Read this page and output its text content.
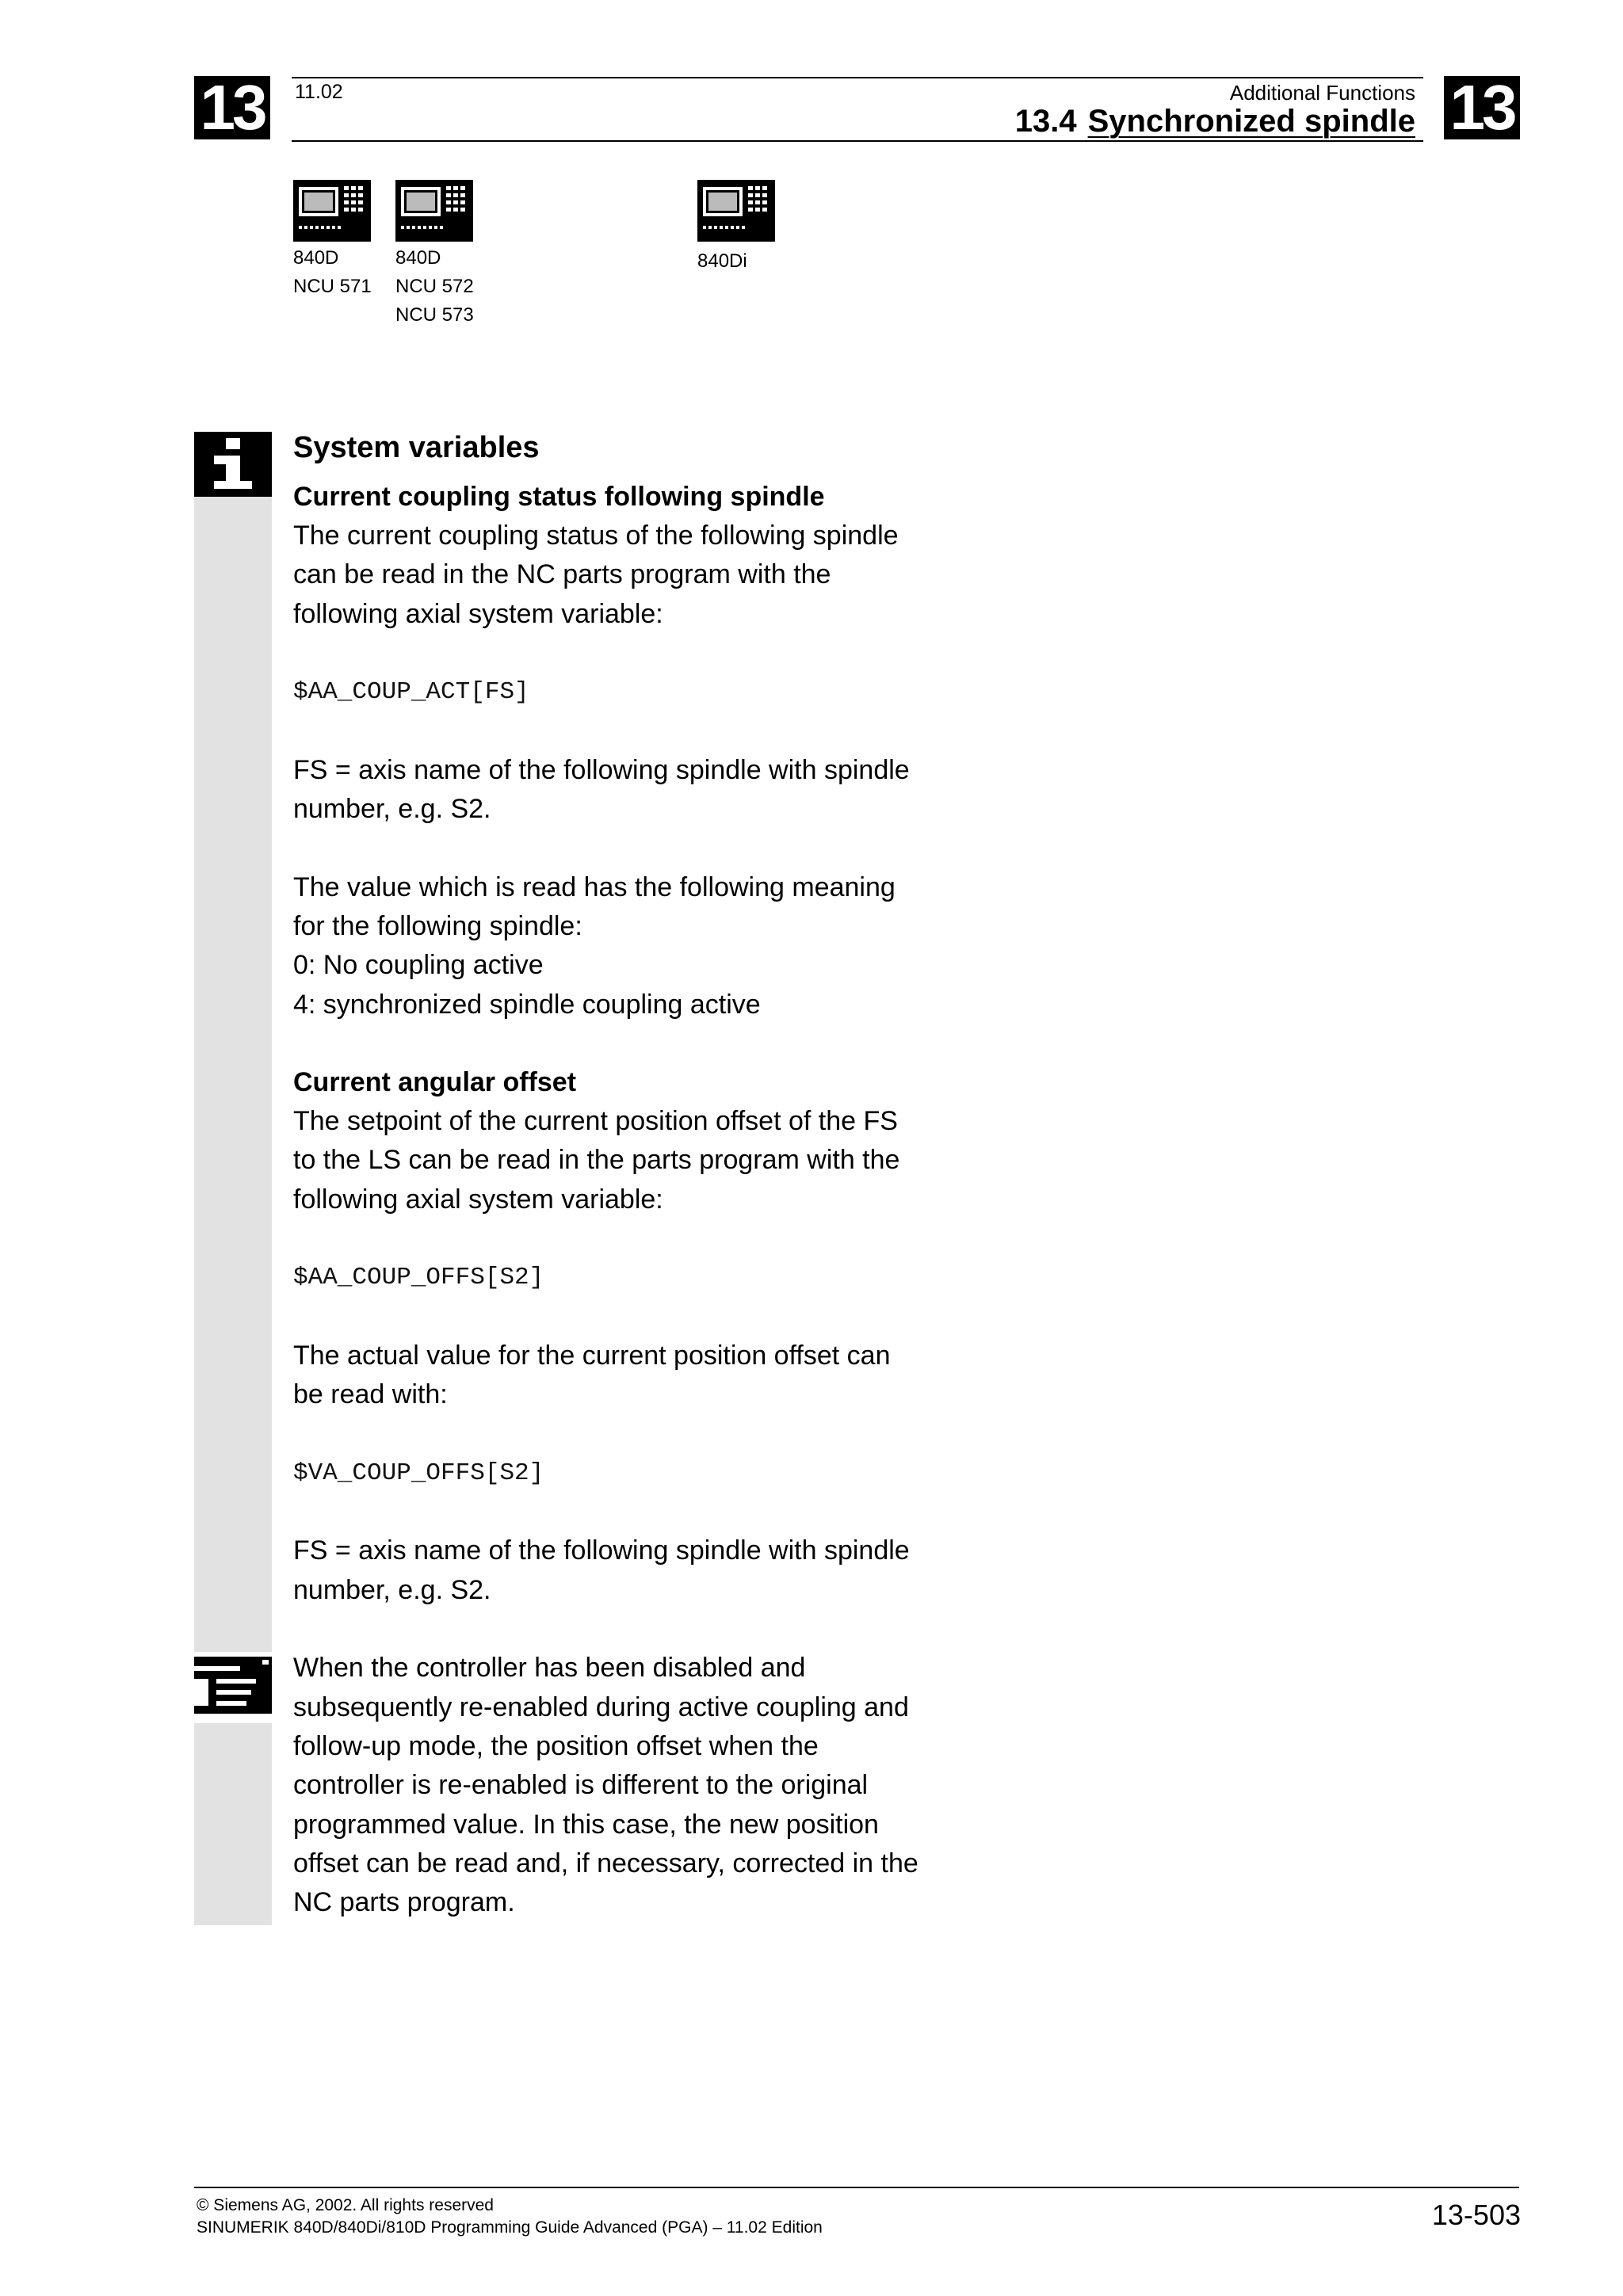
13	13
11.02	Additional Functions
13.4 Synchronized spindle
840D
NCU 571
840D
NCU 572
NCU 573
840Di
System variables
Current coupling status following spindle
The current coupling status of the following spindle
can be read in the NC parts program with the
following axial system variable:
$AA_COUP_ACT[FS]
FS = axis name of the following spindle with spindle
number, e.g. S2.
The value which is read has the following meaning
for the following spindle:
0: No coupling active
4: synchronized spindle coupling active
Current angular offset
The setpoint of the current position offset of the FS
to the LS can be read in the parts program with the
following axial system variable:
$AA_COUP_OFFS[S2]
The actual value for the current position offset can
be read with:
$VA_COUP_OFFS[S2]
FS = axis name of the following spindle with spindle
number, e.g. S2.
When the controller has been disabled and
subsequently re-enabled during active coupling and
follow-up mode, the position offset when the
controller is re-enabled is different to the original
programmed value. In this case, the new position
offset can be read and, if necessary, corrected in the
NC parts program.
© Siemens AG, 2002. All rights reserved
SINUMERIK 840D/840Di/810D Programming Guide Advanced (PGA) – 11.02 Edition	13-503
